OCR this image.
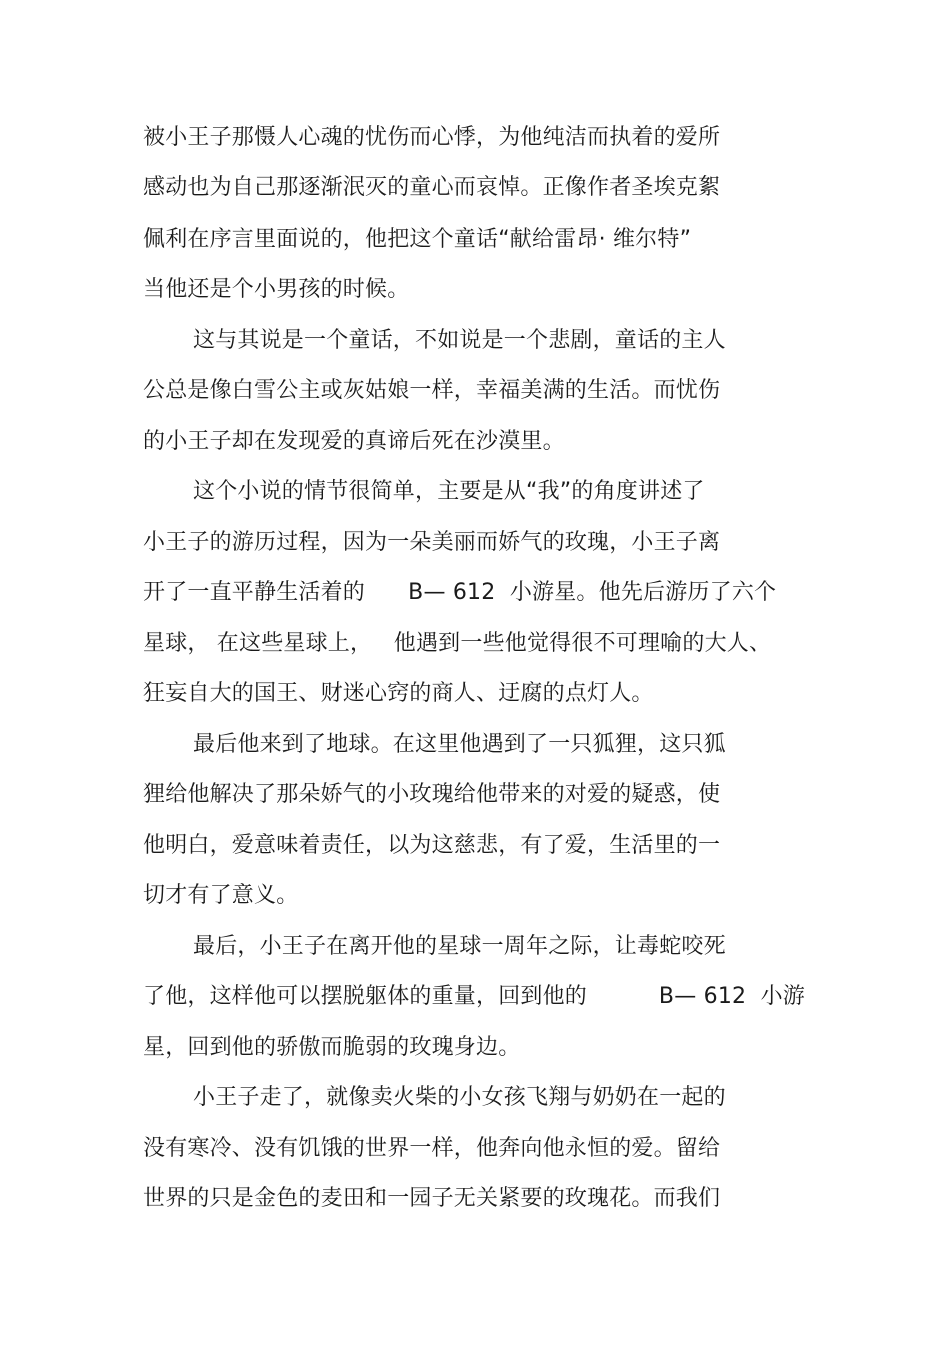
被小王子那慑人心魂的忧伤而心悸，为他纯洁而执着的爱所
感动也为自己那逐渐泯灭的童心而哀悼。正像作者圣埃克絮
佩利在序言里面说的，他把这个童话“献给雷昂· 维尔特”
当他还是个小男孩的时候。
这与其说是一个童话，不如说是一个悲剧，童话的主人
公总是像白雪公主或灰姑娘一样，幸福美满的生活。而忧伤
的小王子却在发现爱的真谛后死在沙漠里。
这个小说的情节很简单，主要是从“我”的角度讲述了
小王子的游历过程，因为一朵美丽而娇气的玫瑰，小王子离
开了一直平静生活着的      B— 612  小游星。他先后游历了六个
星球， 在这些星球上，   他遇到一些他觉得很不可理喻的大人、
狂妄自大的国王、财迷心窍的商人、迂腐的点灯人。
最后他来到了地球。在这里他遇到了一只狐狸，这只狐
狸给他解决了那朵娇气的小玫瑰给他带来的对爱的疑惑，使
他明白，爱意味着责任，以为这慈悲，有了爱，生活里的一
切才有了意义。
最后，小王子在离开他的星球一周年之际，让毒蛇咬死
了他，这样他可以摆脱躯体的重量，回到他的          B— 612  小游
星，回到他的骄傲而脆弱的玫瑰身边。
小王子走了，就像卖火柴的小女孩飞翔与奶奶在一起的
没有寒冷、没有饥饿的世界一样，他奔向他永恒的爱。留给
世界的只是金色的麦田和一园子无关紧要的玫瑰花。而我们
